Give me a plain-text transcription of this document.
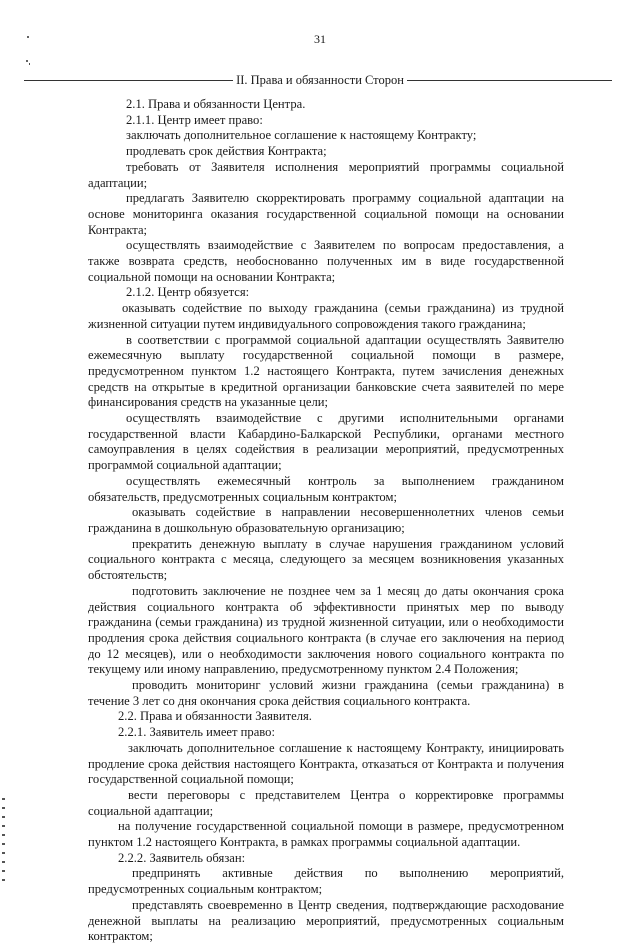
31
II. Права и обязанности Сторон

2.1. Права и обязанности Центра.

2.1.1. Центр имеет право:

заключать дополнительное соглашение к настоящему Контракту;

продлевать срок действия Контракта;

требовать от Заявителя исполнения мероприятий программы социальной адаптации;

предлагать Заявителю скорректировать программу социальной адаптации на основе мониторинга оказания государственной социальной помощи на основании Контракта;

осуществлять взаимодействие с Заявителем по вопросам предоставления, а также возврата средств, необоснованно полученных им в виде государственной социальной помощи на основании Контракта;

2.1.2. Центр обязуется:

оказывать содействие по выходу гражданина (семьи гражданина) из трудной жизненной ситуации путем индивидуального сопровождения такого гражданина;

в соответствии с программой социальной адаптации осуществлять Заявителю ежемесячную выплату государственной социальной помощи в размере, предусмотренном пунктом 1.2 настоящего Контракта, путем зачисления денежных средств на открытые в кредитной организации банковские счета заявителей по мере финансирования средств на указанные цели;

осуществлять взаимодействие с другими исполнительными органами государственной власти Кабардино-Балкарской Республики, органами местного самоуправления в целях содействия в реализации мероприятий, предусмотренных программой социальной адаптации;

осуществлять ежемесячный контроль за выполнением гражданином обязательств, предусмотренных социальным контрактом;

оказывать содействие в направлении несовершеннолетних членов семьи гражданина в дошкольную образовательную организацию;

прекратить денежную выплату в случае нарушения гражданином условий социального контракта с месяца, следующего за месяцем возникновения указанных обстоятельств;

подготовить заключение не позднее чем за 1 месяц до даты окончания срока действия социального контракта об эффективности принятых мер по выводу гражданина (семьи гражданина) из трудной жизненной ситуации, или о необходимости продления срока действия социального контракта (в случае его заключения на период до 12 месяцев), или о необходимости заключения нового социального контракта по текущему или иному направлению, предусмотренному пунктом 2.4 Положения;

проводить мониторинг условий жизни гражданина (семьи гражданина) в течение 3 лет со дня окончания срока действия социального контракта.

2.2. Права и обязанности Заявителя.

2.2.1. Заявитель имеет право:

заключать дополнительное соглашение к настоящему Контракту, инициировать продление срока действия настоящего Контракта, отказаться от Контракта и получения государственной социальной помощи;

вести переговоры с представителем Центра о корректировке программы социальной адаптации;

на получение государственной социальной помощи в размере, предусмотренном пунктом 1.2 настоящего Контракта, в рамках программы социальной адаптации.

2.2.2. Заявитель обязан:

предпринять активные действия по выполнению мероприятий, предусмотренных социальным контрактом;

представлять своевременно в Центр сведения, подтверждающие расходование денежной выплаты на реализацию мероприятий, предусмотренных социальным контрактом;
